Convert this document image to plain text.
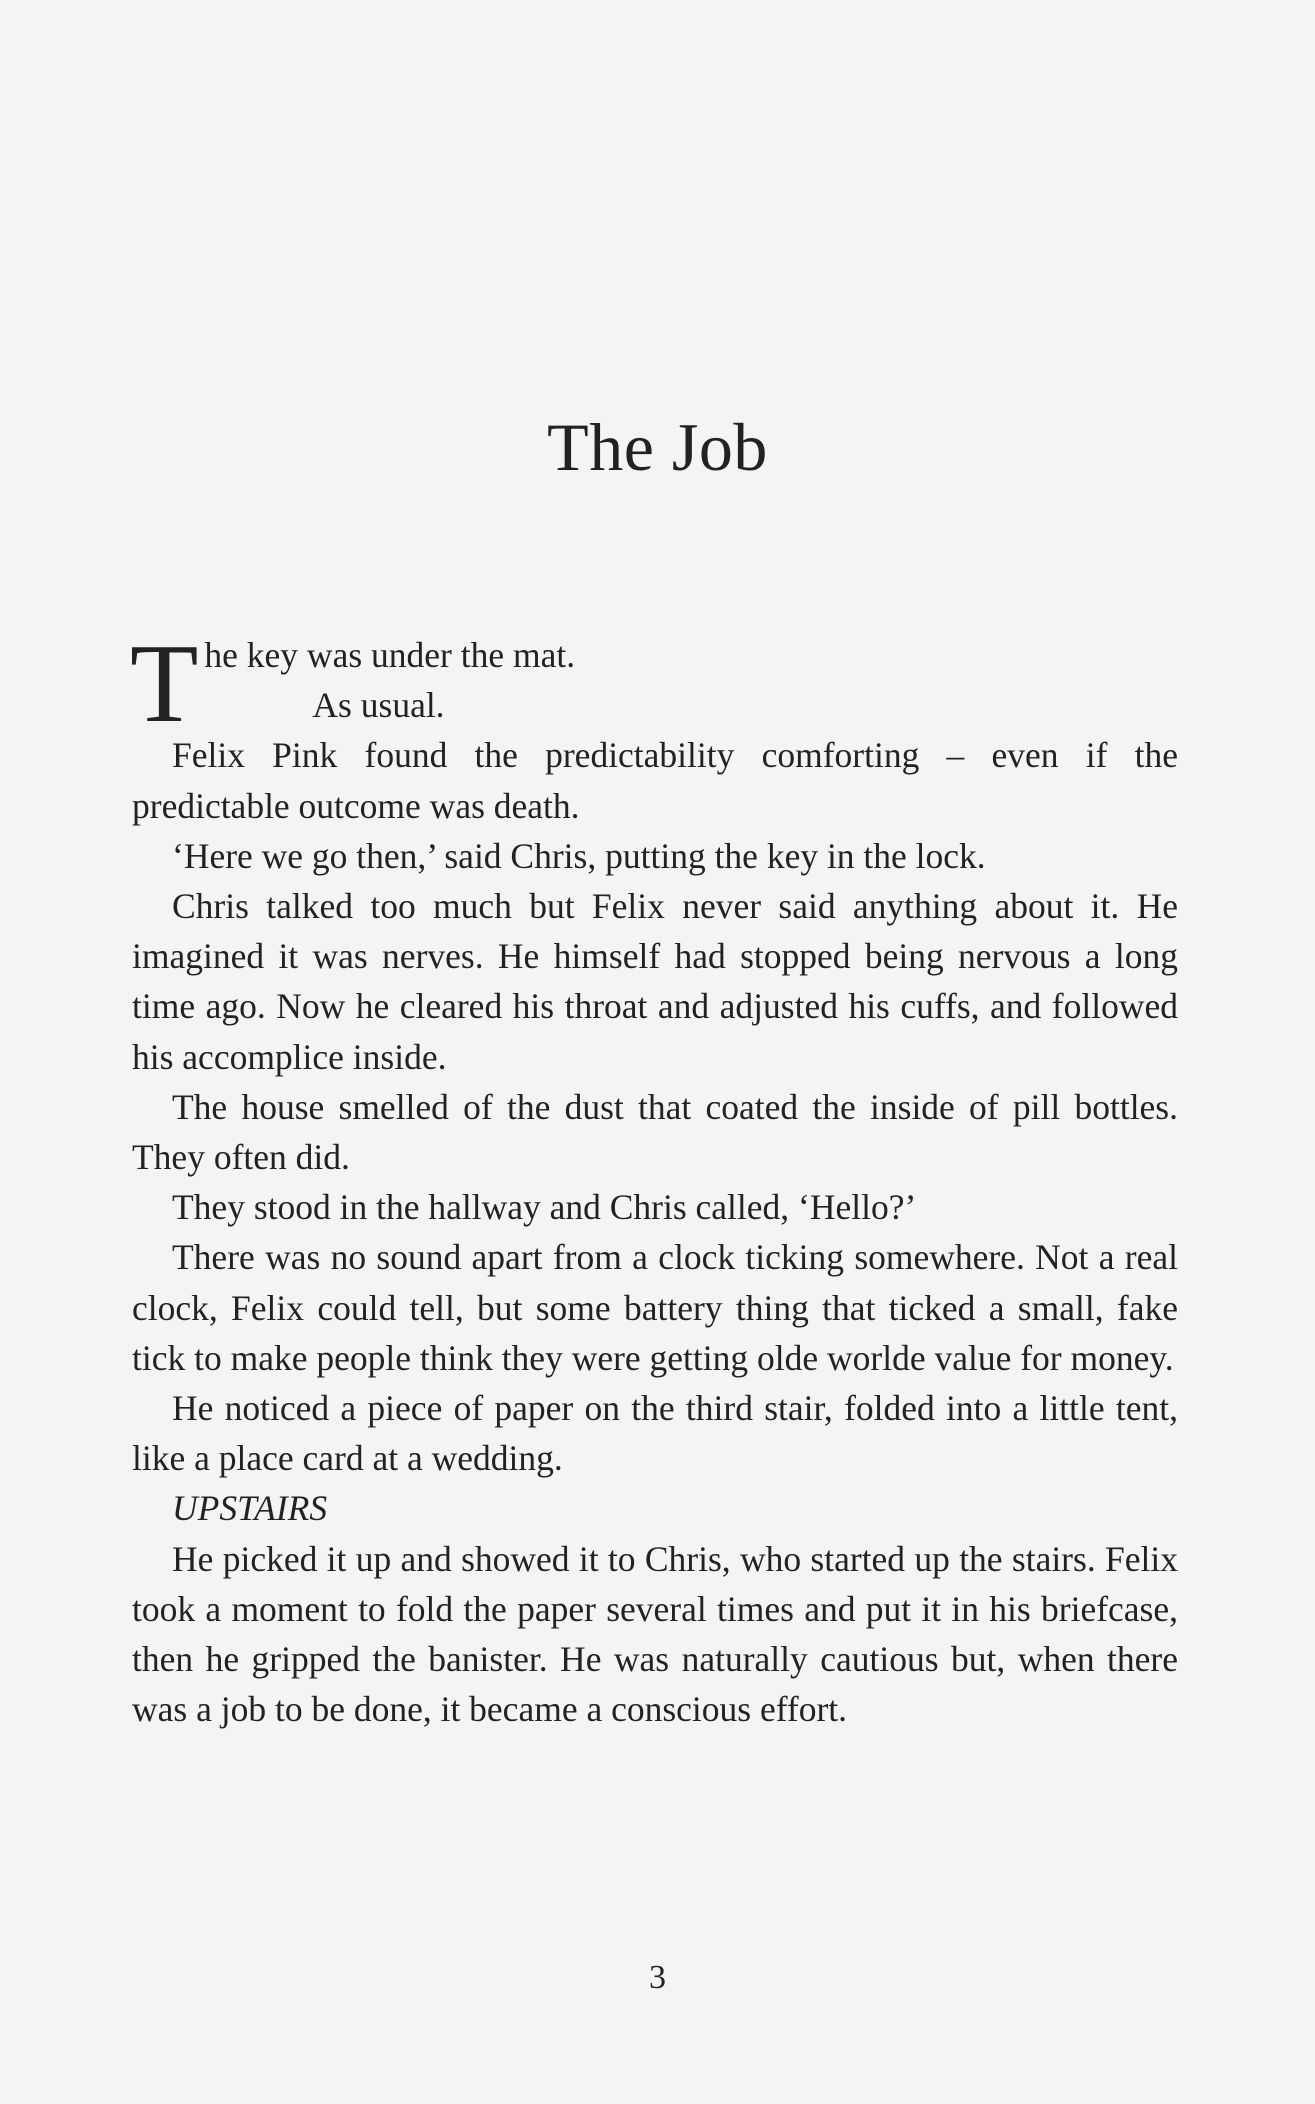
The Job

The key was under the mat.

As usual.

Felix Pink found the predictability comforting – even if the predictable outcome was death.

‘Here we go then,’ said Chris, putting the key in the lock.

Chris talked too much but Felix never said anything about it. He imagined it was nerves. He himself had stopped being nervous a long time ago. Now he cleared his throat and adjusted his cuffs, and followed his accomplice inside.

The house smelled of the dust that coated the inside of pill bottles. They often did.

They stood in the hallway and Chris called, ‘Hello?’

There was no sound apart from a clock ticking somewhere. Not a real clock, Felix could tell, but some battery thing that ticked a small, fake tick to make people think they were getting olde worlde value for money.

He noticed a piece of paper on the third stair, folded into a little tent, like a place card at a wedding.

UPSTAIRS

He picked it up and showed it to Chris, who started up the stairs. Felix took a moment to fold the paper several times and put it in his briefcase, then he gripped the banister. He was naturally cautious but, when there was a job to be done, it became a conscious effort.

3
